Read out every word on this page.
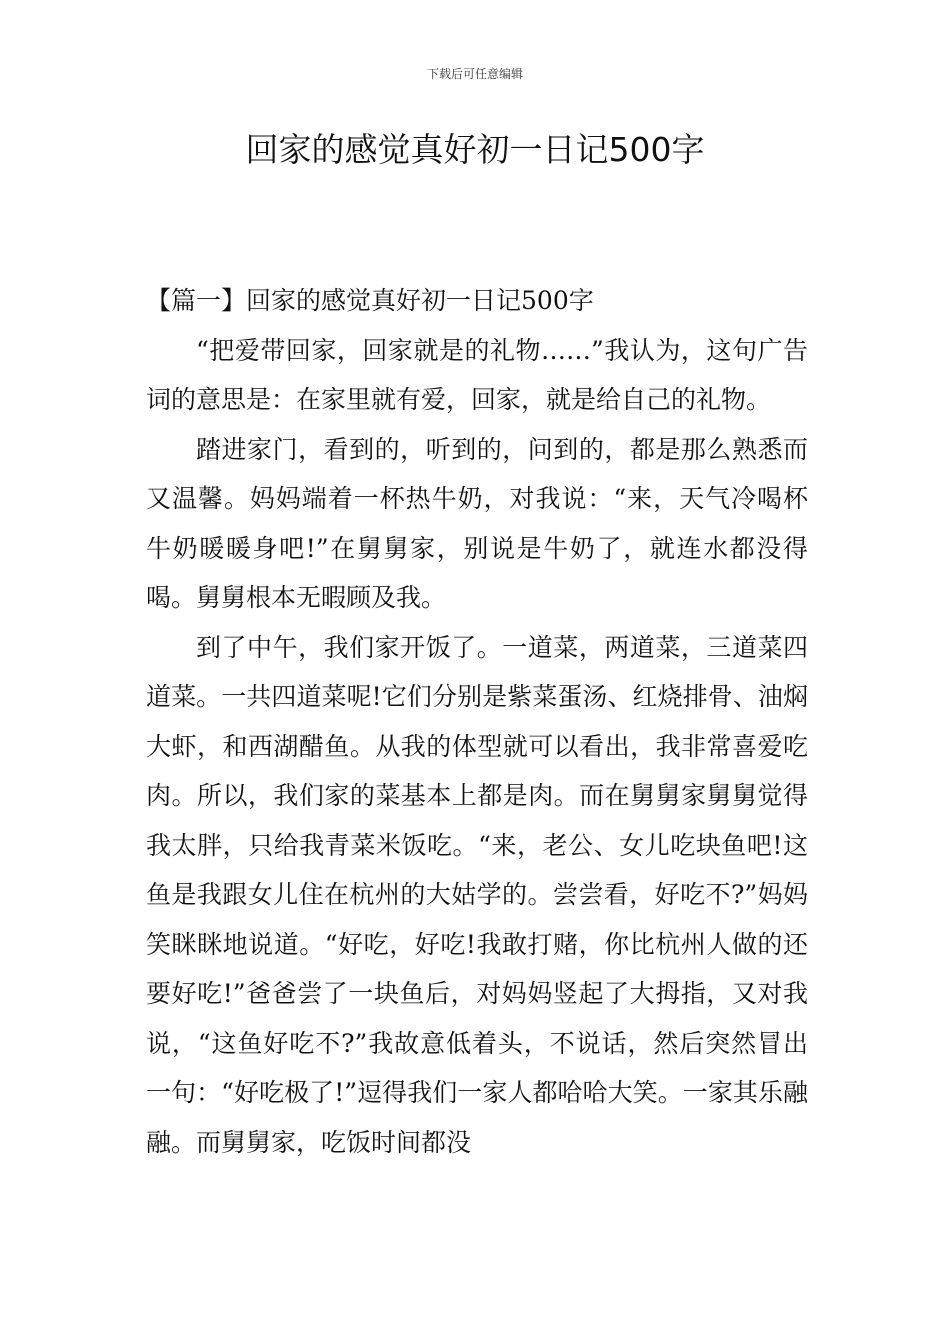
下载后可任意编辑
回家的感觉真好初一日记500字
【篇一】回家的感觉真好初一日记500字

“把爱带回家，回家就是的礼物……”我认为，这句广告词的意思是：在家里就有爱，回家，就是给自己的礼物。

踏进家门，看到的，听到的，问到的，都是那么熟悉而又温馨。妈妈端着一杯热牛奶，对我说：“来，天气冷喝杯牛奶暖暖身吧!”在舅舅家，别说是牛奶了，就连水都没得喝。舅舅根本无暇顾及我。

到了中午，我们家开饭了。一道菜，两道菜，三道菜四道菜。一共四道菜呢!它们分别是紫菜蛋汤、红烧排骨、油焖大虾，和西湖醋鱼。从我的体型就可以看出，我非常喜爱吃肉。所以，我们家的菜基本上都是肉。而在舅舅家舅舅觉得我太胖，只给我青菜米饭吃。“来，老公、女儿吃块鱼吧!这鱼是我跟女儿住在杭州的大姑学的。尝尝看，好吃不?”妈妈笑眯眯地说道。“好吃，好吃!我敢打赌，你比杭州人做的还要好吃!”爸爸尝了一块鱼后，对妈妈竖起了大拇指，又对我说，“这鱼好吃不?”我故意低着头，不说话，然后突然冒出一句：“好吃极了!”逗得我们一家人都哈哈大笑。一家其乐融融。而舅舅家，吃饭时间都没
